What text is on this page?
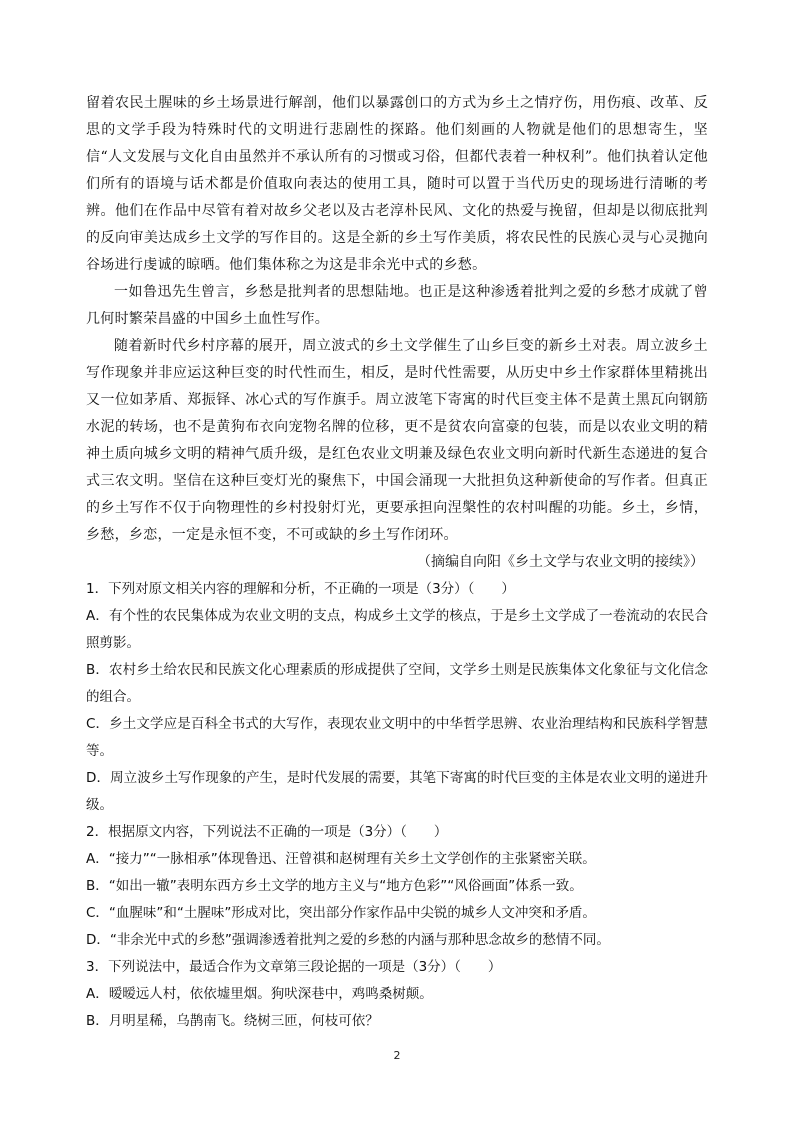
留着农民土腥味的乡土场景进行解剖，他们以暴露创口的方式为乡土之情疗伤，用伤痕、改革、反思的文学手段为特殊时代的文明进行悲剧性的探路。他们刻画的人物就是他们的思想寄生，坚信“人文发展与文化自由虽然并不承认所有的习惯或习俗，但都代表着一种权利”。他们执着认定他们所有的语境与话术都是价值取向表达的使用工具，随时可以置于当代历史的现场进行清晰的考辨。他们在作品中尽管有着对故乡父老以及古老淳朴民风、文化的热爱与挽留，但却是以彻底批判的反向审美达成乡土文学的写作目的。这是全新的乡土写作美质，将农民性的民族心灵与心灵抛向谷场进行虔诚的晾晒。他们集体称之为这是非余光中式的乡愁。

一如鲁迅先生曾言，乡愁是批判者的思想陆地。也正是这种渗透着批判之爱的乡愁才成就了曾几何时繁荣昌盛的中国乡土血性写作。

随着新时代乡村序幕的展开，周立波式的乡土文学催生了山乡巨变的新乡土对表。周立波乡土写作现象并非应运这种巨变的时代性而生，相反，是时代性需要，从历史中乡土作家群体里精挑出又一位如茅盾、郑振铎、冰心式的写作旗手。周立波笔下寄寓的时代巨变主体不是黄土黑瓦向钢筋水泥的转场，也不是黄狗布衣向宠物名牌的位移，更不是贫农向富豪的包装，而是以农业文明的精神土质向城乡文明的精神气质升级，是红色农业文明兼及绿色农业文明向新时代新生态递进的复合式三农文明。坚信在这种巨变灯光的聚焦下，中国会涌现一大批担负这种新使命的写作者。但真正的乡土写作不仅于向物理性的乡村投射灯光，更要承担向涅槃性的农村叫醒的功能。乡土，乡情，乡愁，乡恋，一定是永恒不变，不可或缺的乡土写作闭环。

（摘编自向阳《乡土文学与农业文明的接续》）

1．下列对原文相关内容的理解和分析，不正确的一项是（3分）（　　）

A．有个性的农民集体成为农业文明的支点，构成乡土文学的核点，于是乡土文学成了一卷流动的农民合照剪影。

B．农村乡土给农民和民族文化心理素质的形成提供了空间，文学乡土则是民族集体文化象征与文化信念的组合。

C．乡土文学应是百科全书式的大写作，表现农业文明中的中华哲学思辨、农业治理结构和民族科学智慧等。

D．周立波乡土写作现象的产生，是时代发展的需要，其笔下寄寓的时代巨变的主体是农业文明的递进升级。

2．根据原文内容，下列说法不正确的一项是（3分）（　　）

A．“接力”“一脉相承”体现鲁迅、汪曾祺和赵树理有关乡土文学创作的主张紧密关联。

B．“如出一辙”表明东西方乡土文学的地方主义与“地方色彩”“风俗画面”体系一致。

C．“血腥味”和“土腥味”形成对比，突出部分作家作品中尖锐的城乡人文冲突和矛盾。

D．“非余光中式的乡愁”强调渗透着批判之爱的乡愁的内涵与那种思念故乡的愁情不同。

3．下列说法中，最适合作为文章第三段论据的一项是（3分）（　　）

A．暧暧远人村，依依墟里烟。狗吠深巷中，鸡鸣桑树颠。

B．月明星稀，乌鹊南飞。绕树三匝，何枝可依？

2
